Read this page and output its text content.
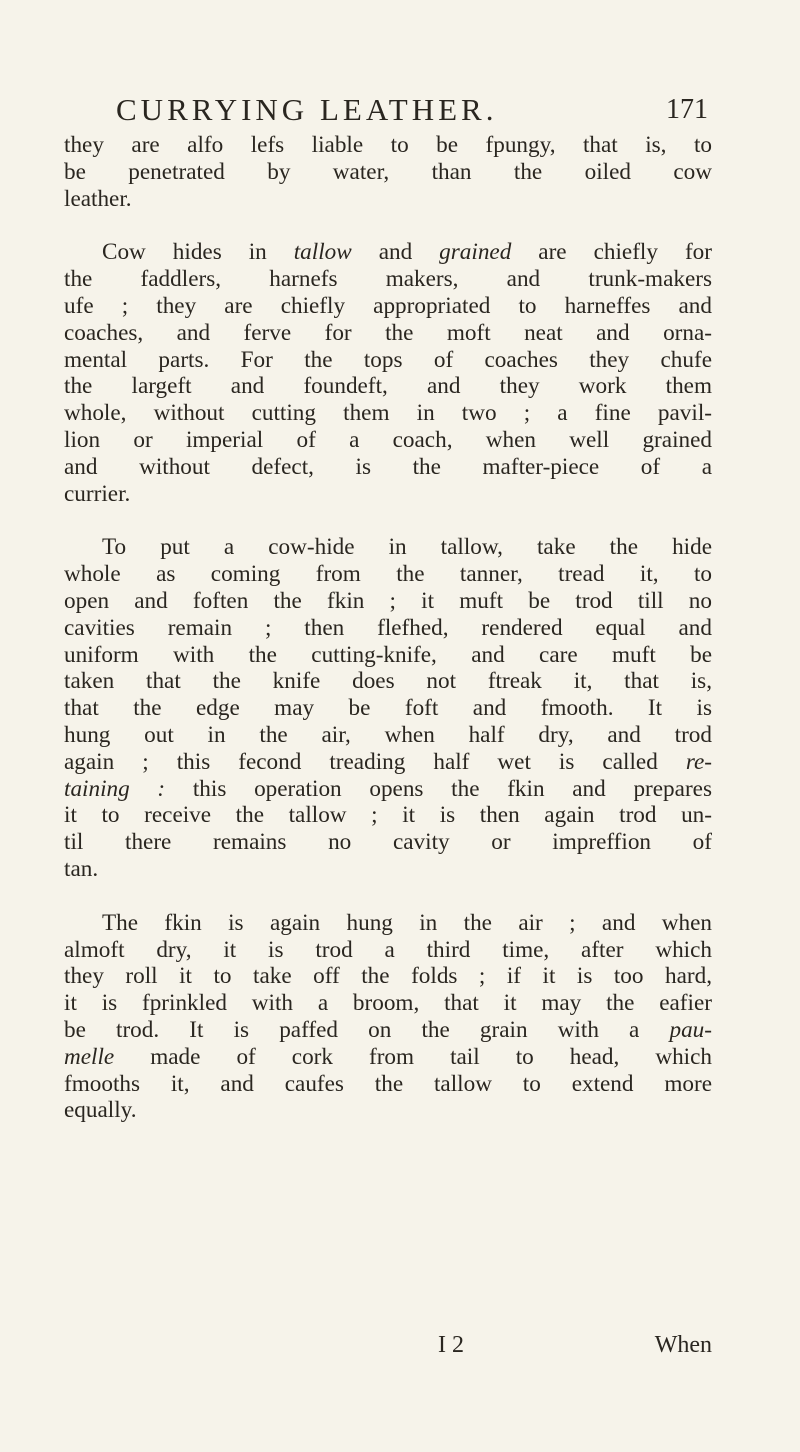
CURRYING LEATHER.	171

they are alfo lefs liable to be fpungy, that is, to
be penetrated by water, than the oiled cow
leather.

Cow hides in tallow and grained are chiefly for
the faddlers, harnefs makers, and trunk-makers
ufe ; they are chiefly appropriated to harneffes and
coaches, and ferve for the moft neat and orna-
mental parts. For the tops of coaches they chufe
the largeft and foundeft, and they work them
whole, without cutting them in two ; a fine pavil-
lion or imperial of a coach, when well grained
and without defect, is the mafter-piece of a
currier.

To put a cow-hide in tallow, take the hide
whole as coming from the tanner, tread it, to
open and foften the fkin ; it muft be trod till no
cavities remain ; then flefhed, rendered equal and
uniform with the cutting-knife, and care muft be
taken that the knife does not ftreak it, that is,
that the edge may be foft and fmooth. It is
hung out in the air, when half dry, and trod
again ; this fecond treading half wet is called re-
taining : this operation opens the fkin and prepares
it to receive the tallow ; it is then again trod un-
til there remains no cavity or impreffion of
tan.

The fkin is again hung in the air ; and when
almoft dry, it is trod a third time, after which
they roll it to take off the folds ; if it is too hard,
it is fprinkled with a broom, that it may the eafier
be trod. It is paffed on the grain with a pau-
melle made of cork from tail to head, which
fmooths it, and caufes the tallow to extend more
equally.

I 2	When
